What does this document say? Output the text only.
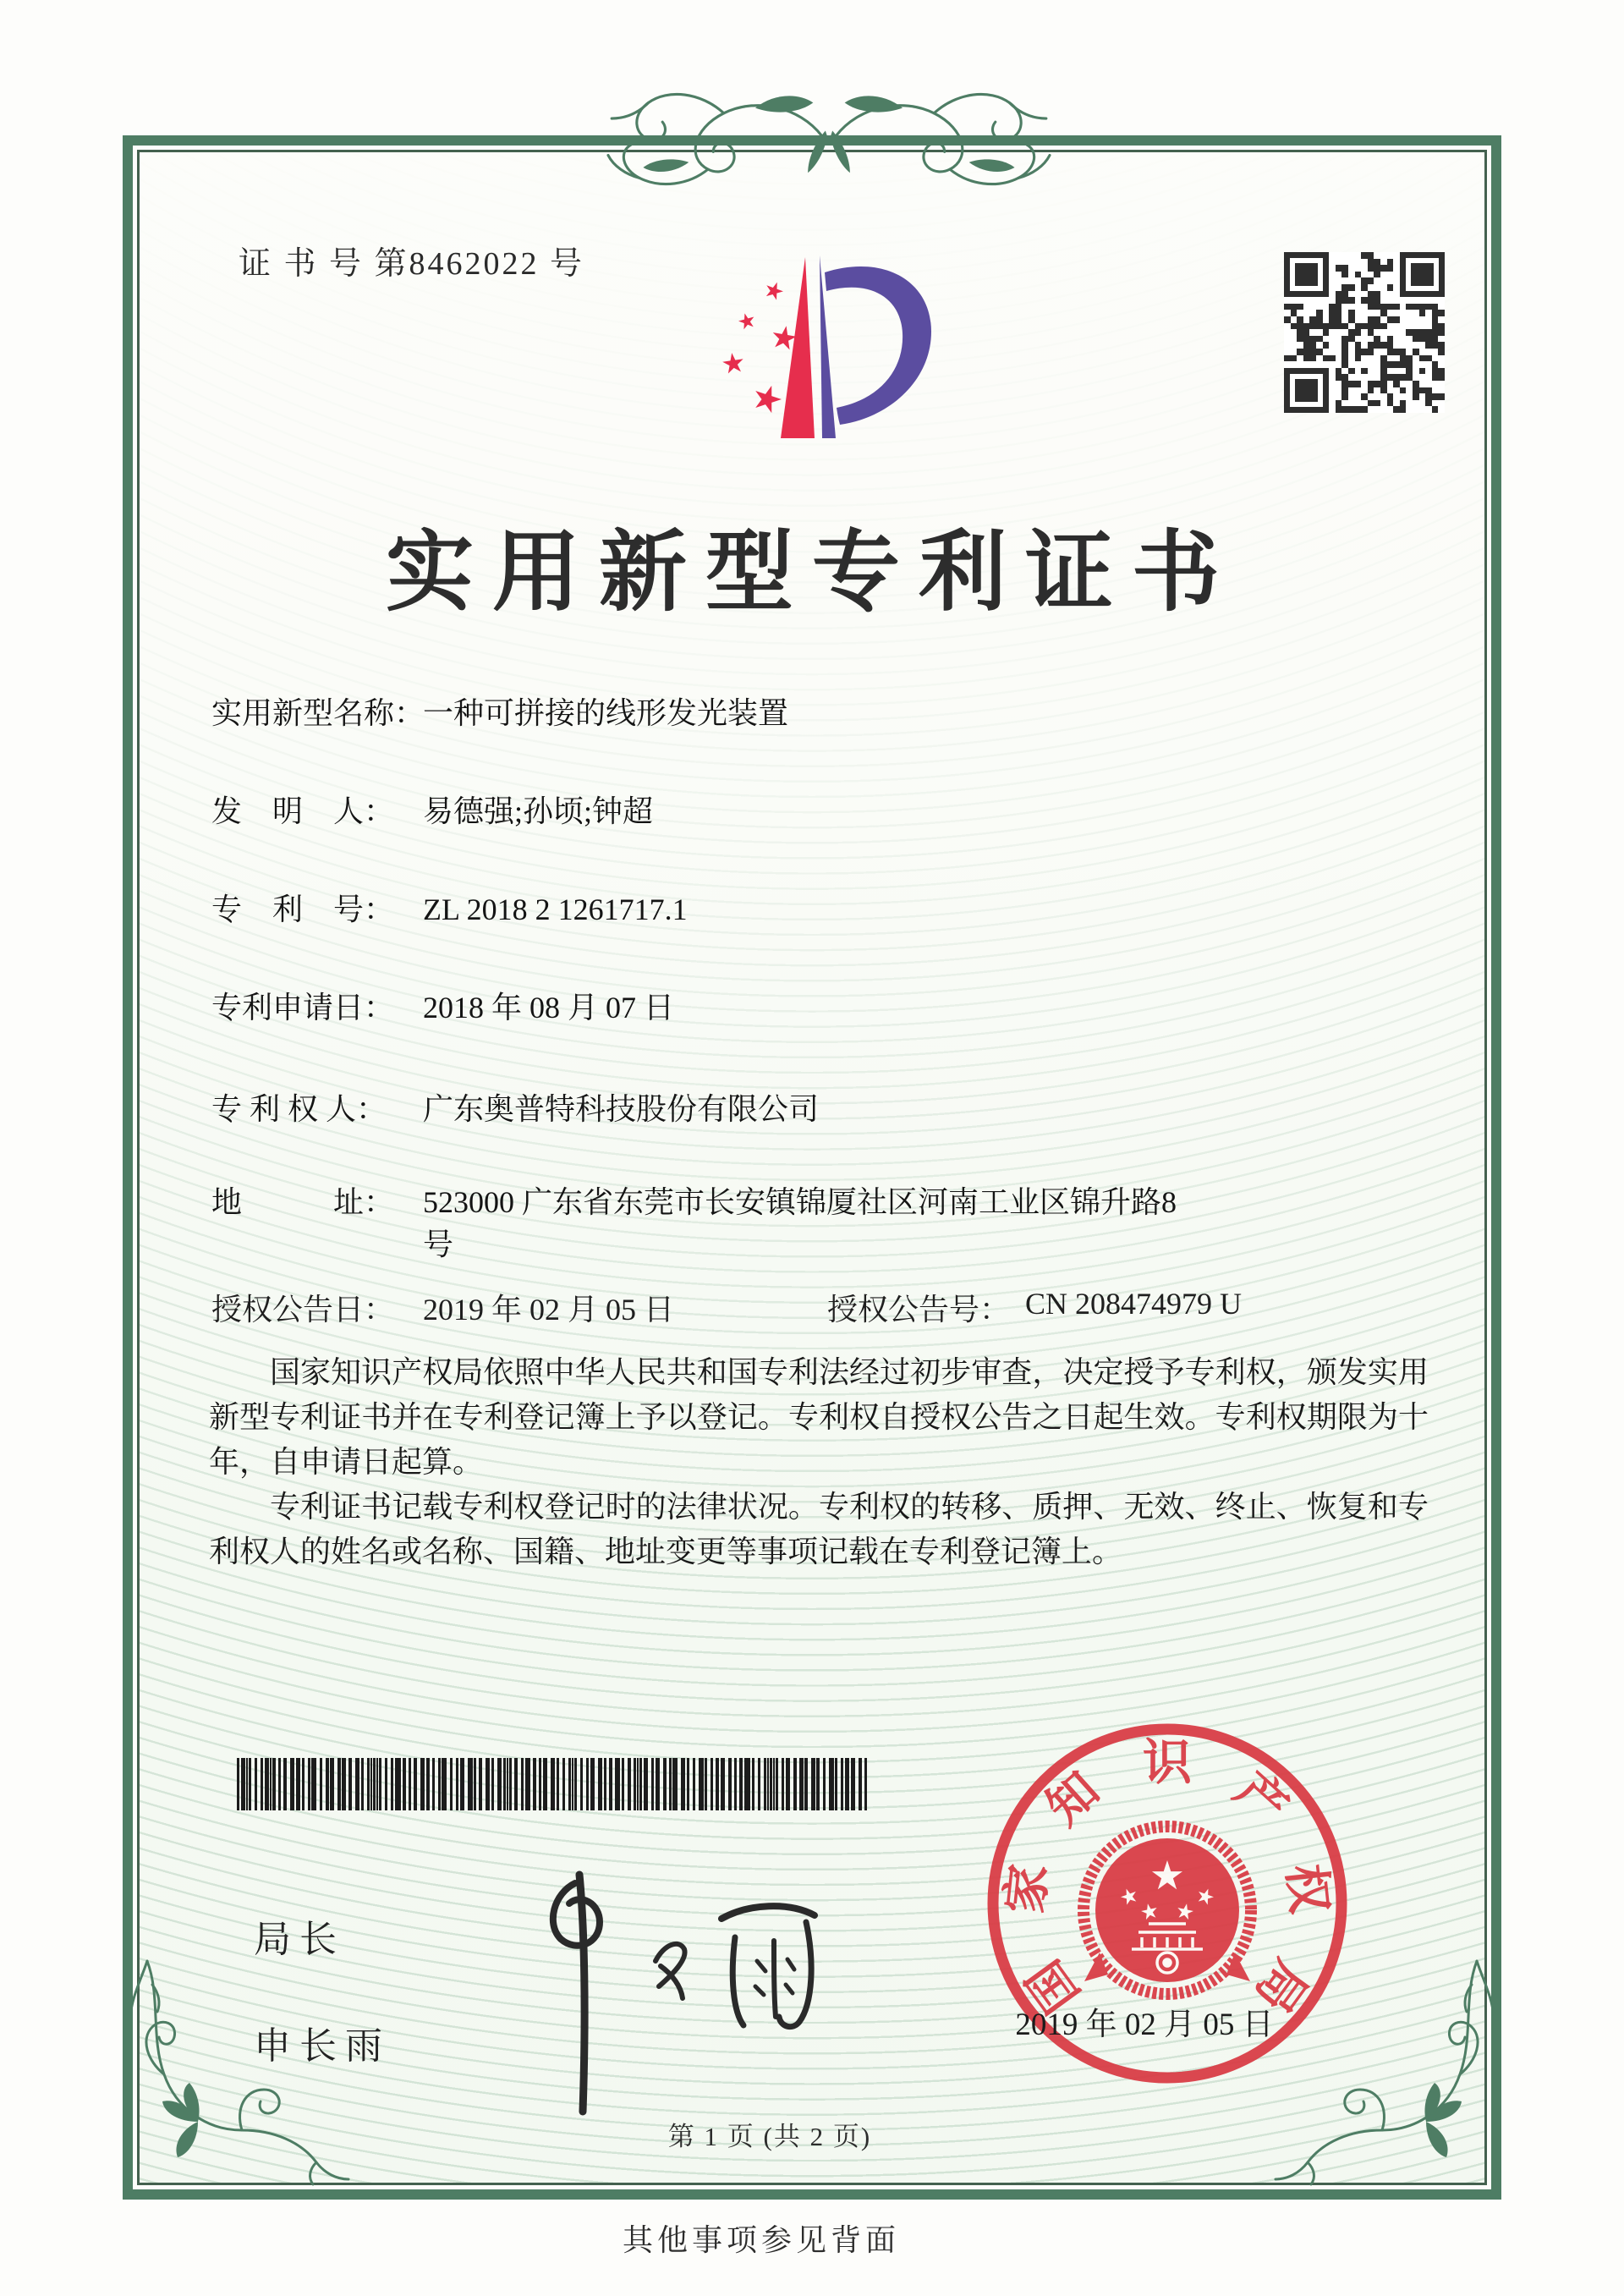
证 书 号 第8462022 号
实用新型专利证书
实用新型名称：一种可拼接的线形发光装置
发　明　人： 易德强;孙顷;钟超
专　利　号： ZL 2018 2 1261717.1
专利申请日： 2018 年 08 月 07 日
专 利 权 人： 广东奥普特科技股份有限公司
地　　　址： 523000 广东省东莞市长安镇锦厦社区河南工业区锦升路8号
授权公告日： 2019 年 02 月 05 日	授权公告号： CN 208474979 U

国家知识产权局依照中华人民共和国专利法经过初步审查，决定授予专利权，颁发实用新型专利证书并在专利登记簿上予以登记。专利权自授权公告之日起生效。专利权期限为十年，自申请日起算。

专利证书记载专利权登记时的法律状况。专利权的转移、质押、无效、终止、恢复和专利权人的姓名或名称、国籍、地址变更等事项记载在专利登记簿上。

局长
申长雨
国
家
知 识 产
权
局
2019 年 02 月 05 日
第 1 页 (共 2 页)
其他事项参见背面
